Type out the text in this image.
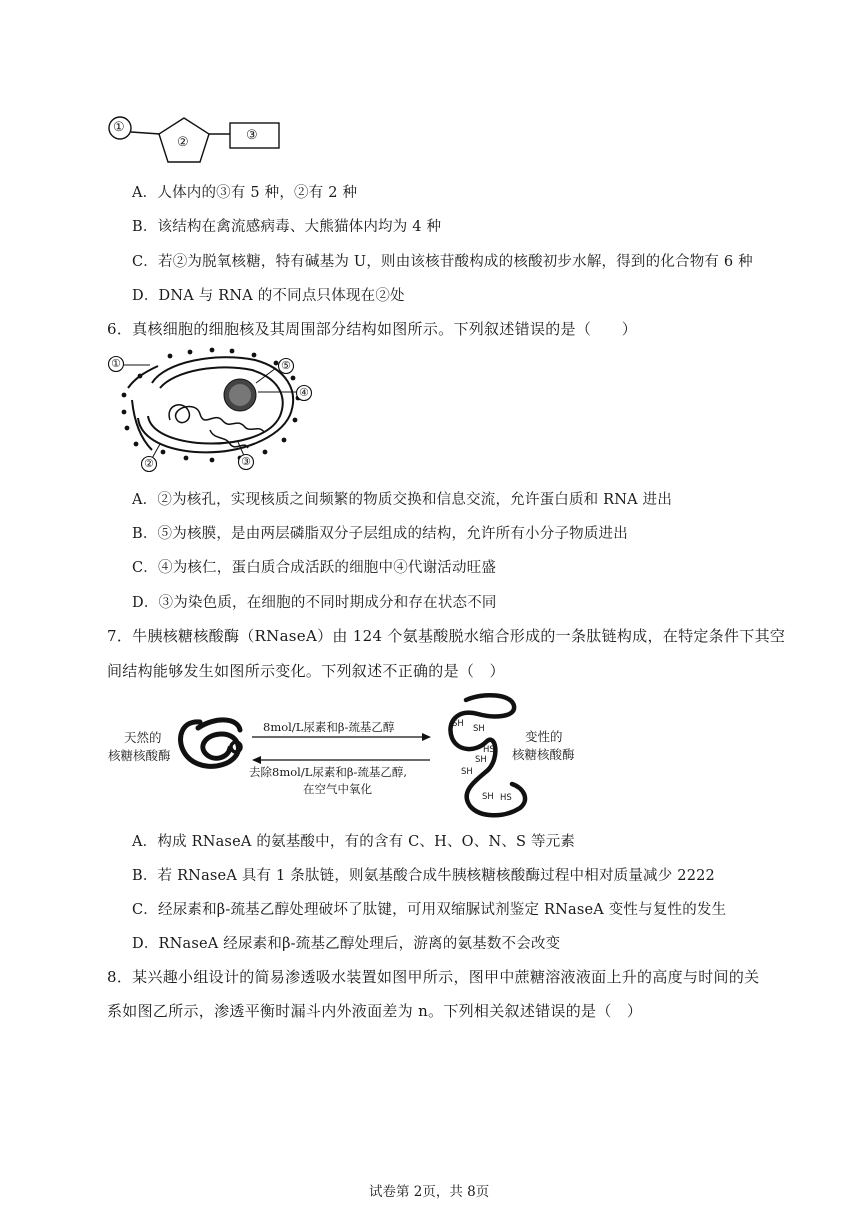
①
②	③
A．人体内的③有 5 种，②有 2 种
B．该结构在禽流感病毒、大熊猫体内均为 4 种
C．若②为脱氧核糖，特有碱基为 U，则由该核苷酸构成的核酸初步水解，得到的化合物有 6 种
D．DNA 与 RNA 的不同点只体现在②处
6．真核细胞的细胞核及其周围部分结构如图所示。下列叙述错误的是（　　）
①
②	③
④
⑤
A．②为核孔，实现核质之间频繁的物质交换和信息交流，允许蛋白质和 RNA 进出
B．⑤为核膜，是由两层磷脂双分子层组成的结构，允许所有小分子物质进出
C．④为核仁，蛋白质合成活跃的细胞中④代谢活动旺盛
D．③为染色质，在细胞的不同时期成分和存在状态不同
7．牛胰核糖核酸酶（RNaseA）由 124 个氨基酸脱水缩合形成的一条肽链构成，在特定条件下其空
间结构能够发生如图所示变化。下列叙述不正确的是（　）
天然的
核糖核酸酶
8mol/L尿素和β-巯基乙醇
去除8mol/L尿素和β-巯基乙醇,
在空气中氧化
变性的
核糖核酸酶
SH SH
HS
SH
SH
SH HS
A．构成 RNaseA 的氨基酸中，有的含有 C、H、O、N、S 等元素
B．若 RNaseA 具有 1 条肽链，则氨基酸合成牛胰核糖核酸酶过程中相对质量减少 2222
C．经尿素和β-巯基乙醇处理破坏了肽键，可用双缩脲试剂鉴定 RNaseA 变性与复性的发生
D．RNaseA 经尿素和β-巯基乙醇处理后，游离的氨基数不会改变
8．某兴趣小组设计的简易渗透吸水装置如图甲所示，图甲中蔗糖溶液液面上升的高度与时间的关
系如图乙所示，渗透平衡时漏斗内外液面差为 n。下列相关叙述错误的是（　）
试卷第 2页，共 8页
